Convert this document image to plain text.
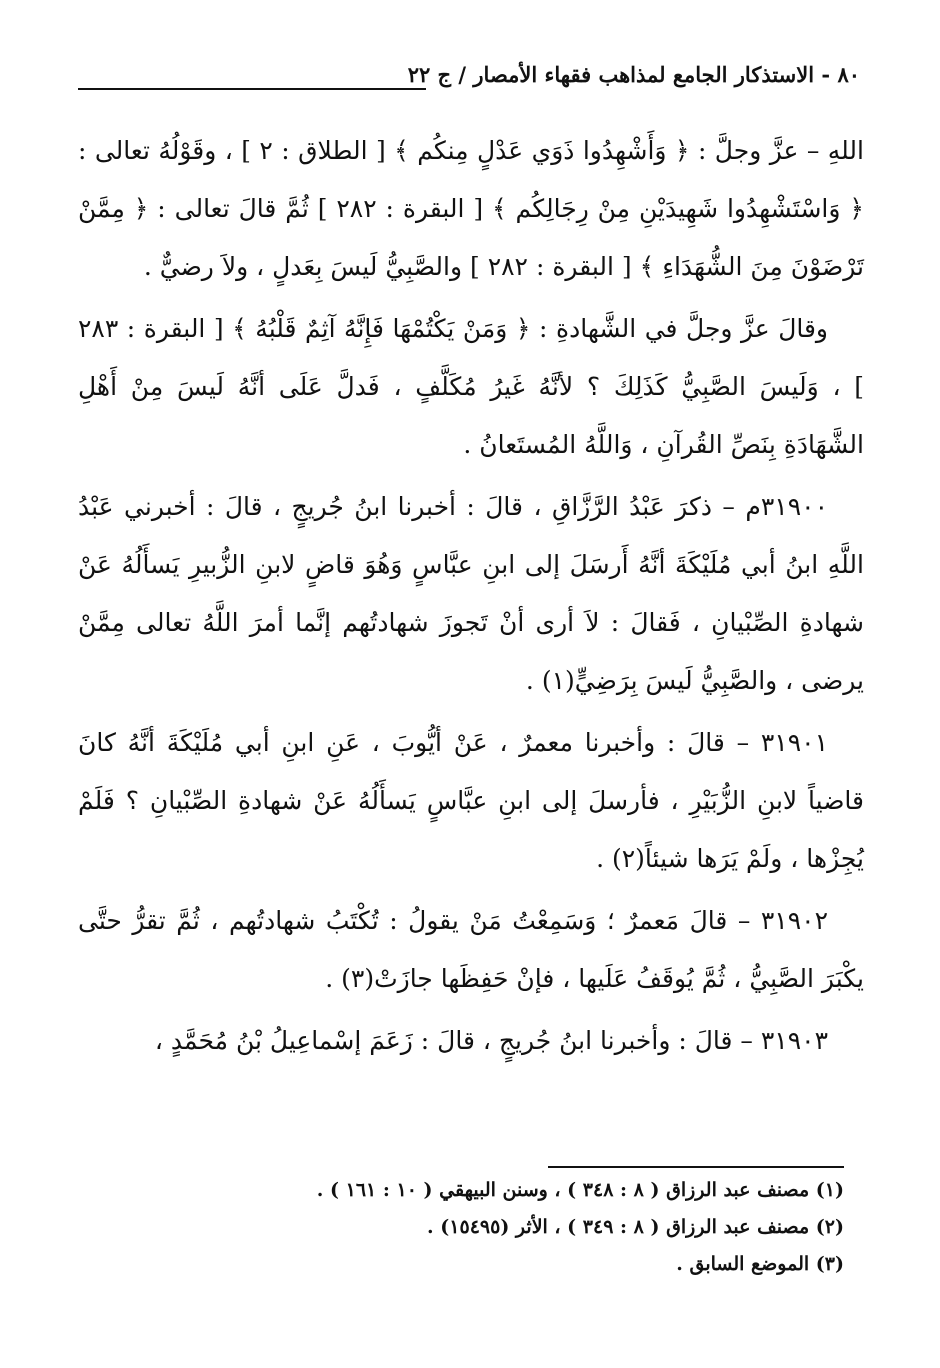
٨٠ - الاستذكار الجامع لمذاهب فقهاء الأمصار / ج ٢٢

اللهِ – عزَّ وجلَّ : ﴿ وَأَشْهِدُوا ذَوَي عَدْلٍ مِنكُم ﴾ [ الطلاق : ٢ ] ، وقَوْلُهُ تعالى : ﴿ وَاسْتَشْهِدُوا شَهِيدَيْنِ مِنْ رِجَالِكُم ﴾ [ البقرة : ٢٨٢ ] ثُمَّ قالَ تعالى : ﴿ مِمَّنْ تَرْضَوْنَ مِنَ الشُّهَدَاءِ ﴾ [ البقرة : ٢٨٢ ] والصَّبِيُّ لَيسَ بِعَدلٍ ، ولاَ رضيٌّ .

وقالَ عزَّ وجلَّ في الشَّهادةِ : ﴿ وَمَنْ يَكْتُمْهَا فَإِنَّهُ آثِمٌ قَلْبُهُ ﴾ [ البقرة : ٢٨٣ ] ، وَلَيسَ الصَّبِيُّ كَذَلِكَ ؟ لأنَّهُ غَيرُ مُكَلَّفٍ ، فَدلَّ عَلَى أنَّهُ لَيسَ مِنْ أَهْلِ الشَّهَادَةِ بِنَصِّ القُرآنِ ، وَاللَّهُ المُستَعانُ .

٣١٩٠٠م – ذكرَ عَبْدُ الرَّزَّاقِ ، قالَ : أخبرنا ابنُ جُريجٍ ، قالَ : أخبرني عَبْدُ اللَّهِ ابنُ أبي مُلَيْكَةَ أنَّهُ أَرسَلَ إلى ابنِ عبَّاسٍ وَهُوَ قاضٍ لابنِ الزُّبيرِ يَسأَلُهُ عَنْ شهادةِ الصِّبْيانِ ، فَقالَ : لاَ أرى أنْ تَجوزَ شهادتُهم إنَّما أمرَ اللَّهُ تعالى مِمَّنْ يرضى ، والصَّبِيُّ لَيسَ بِرَضِيٍّ(١) .

٣١٩٠١ – قالَ : وأخبرنا معمرٌ ، عَنْ أيُّوبَ ، عَنِ ابنِ أبي مُلَيْكَةَ أنَّهُ كانَ قاضياً لابنِ الزُّبَيْرِ ، فأرسلَ إلى ابنِ عبَّاسٍ يَسأَلُهُ عَنْ شهادةِ الصِّبْيانِ ؟ فَلَمْ يُجِزْها ، ولَمْ يَرَها شيئاً(٢) .

٣١٩٠٢ – قالَ مَعمرٌ ؛ وَسَمِعْتُ مَنْ يقولُ : تُكْتَبُ شهادتُهم ، ثُمَّ تقرُّ حتَّى يكْبَرَ الصَّبِيُّ ، ثُمَّ يُوقَفُ عَلَيها ، فإنْ حَفِظَها جازَتْ(٣) .

٣١٩٠٣ – قالَ : وأخبرنا ابنُ جُريجٍ ، قالَ : زَعَمَ إسْماعِيلُ بْنُ مُحَمَّدٍ ،

(١) مصنف عبد الرزاق ( ٨ : ٣٤٨ ) ، وسنن البيهقي ( ١٠ : ١٦١ ) .

(٢) مصنف عبد الرزاق ( ٨ : ٣٤٩ ) ، الأثر (١٥٤٩٥) .

(٣) الموضع السابق .
